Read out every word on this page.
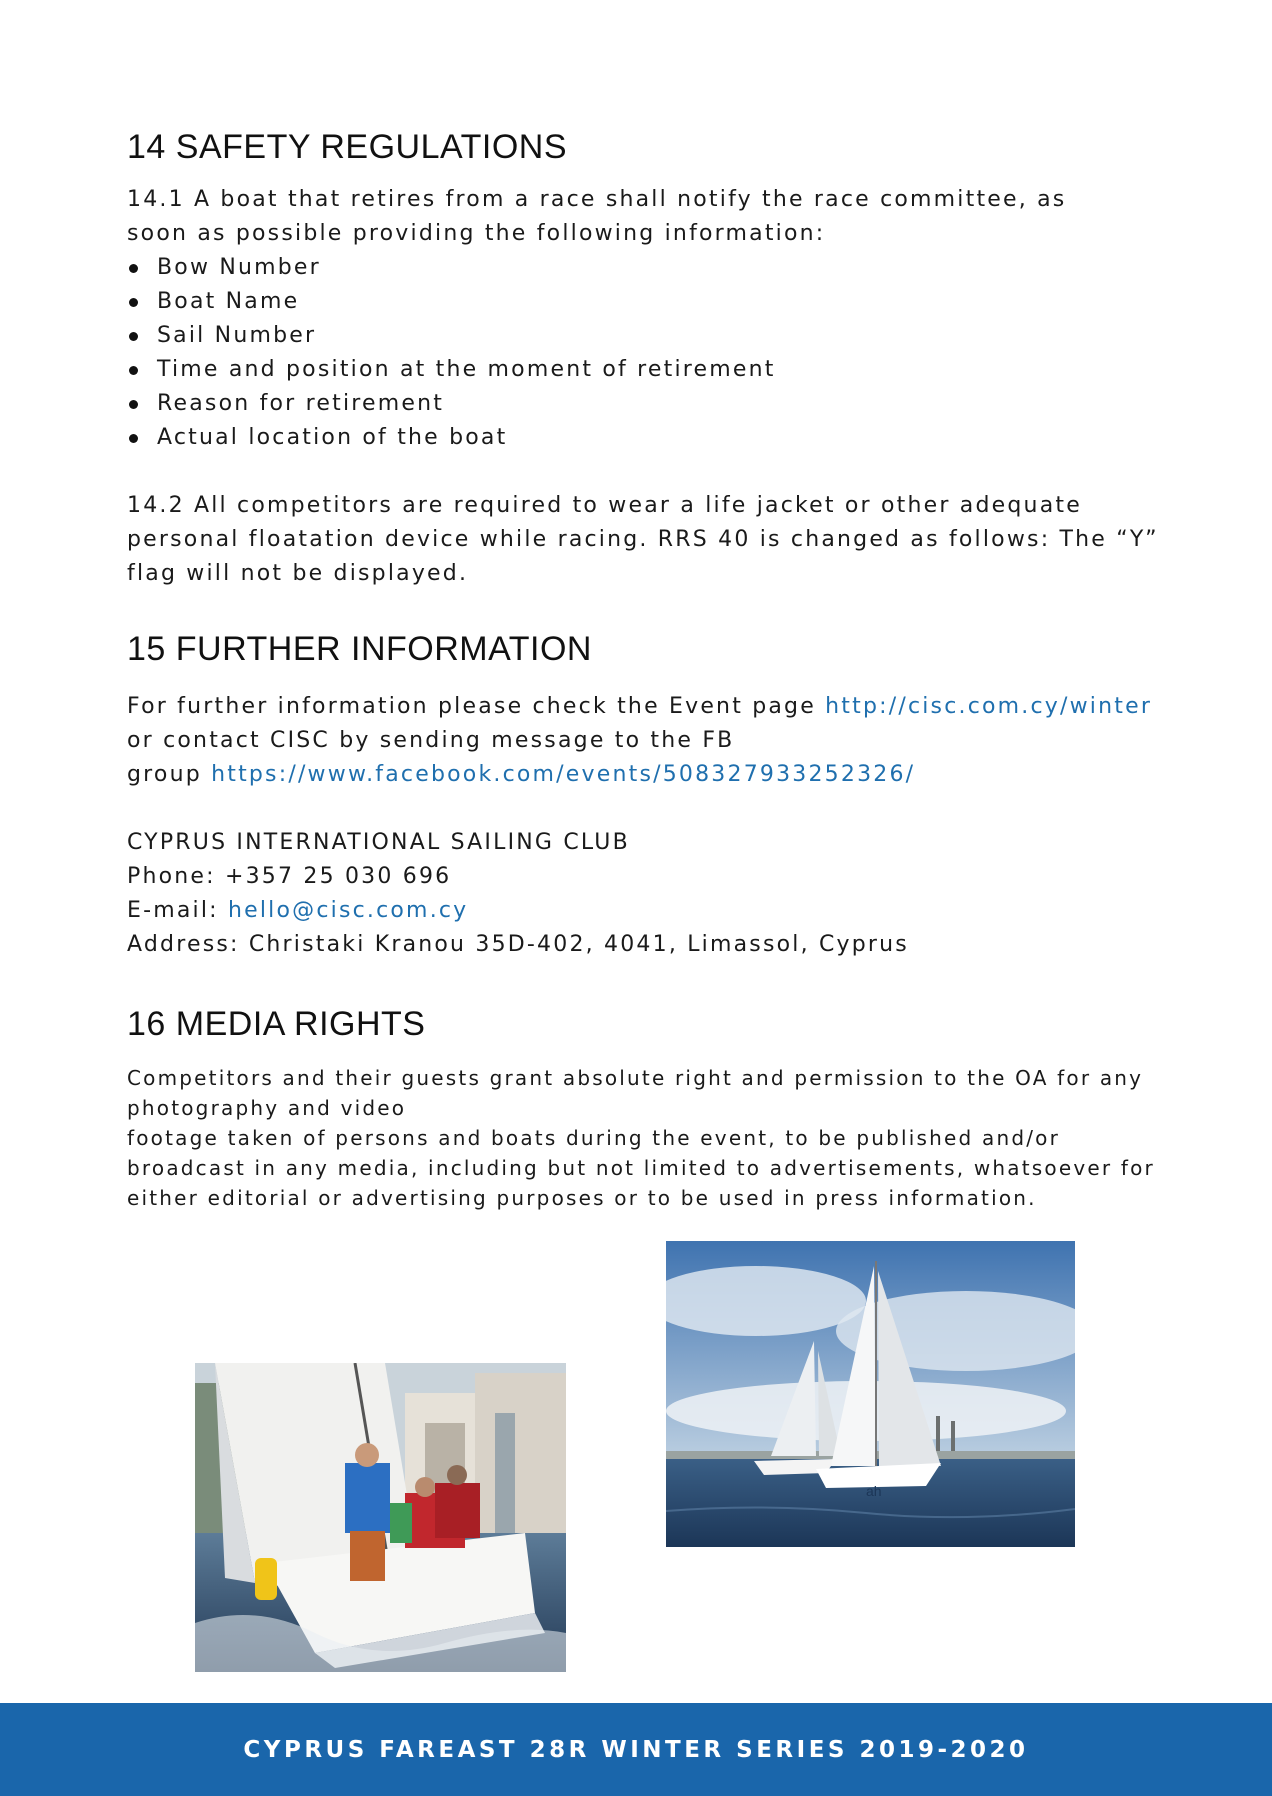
14 SAFETY REGULATIONS

14.1 A boat that retires from a race shall notify the race committee, as
soon as possible providing the following information:

Bow Number
Boat Name
Sail Number
Time and position at the moment of retirement
Reason for retirement
Actual location of the boat

14.2 All competitors are required to wear a life jacket or other adequate
personal floatation device while racing. RRS 40 is changed as follows: The “Y”
flag will not be displayed.

15 FURTHER INFORMATION

For further information please check the Event page http://cisc.com.cy/winter
or contact CISC by sending message to the FB
group https://www.facebook.com/events/508327933252326/

CYPRUS INTERNATIONAL SAILING CLUB
Phone: +357 25 030 696
E-mail: hello@cisc.com.cy
Address: Christaki Kranou 35D-402, 4041, Limassol, Cyprus

16 MEDIA RIGHTS

Competitors and their guests grant absolute right and permission to the OA for any
photography and video
footage taken of persons and boats during the event, to be published and/or
broadcast in any media, including but not limited to advertisements, whatsoever for
either editorial or advertising purposes or to be used in press information.

ah
CYPRUS FAREAST 28R WINTER SERIES 2019-2020
